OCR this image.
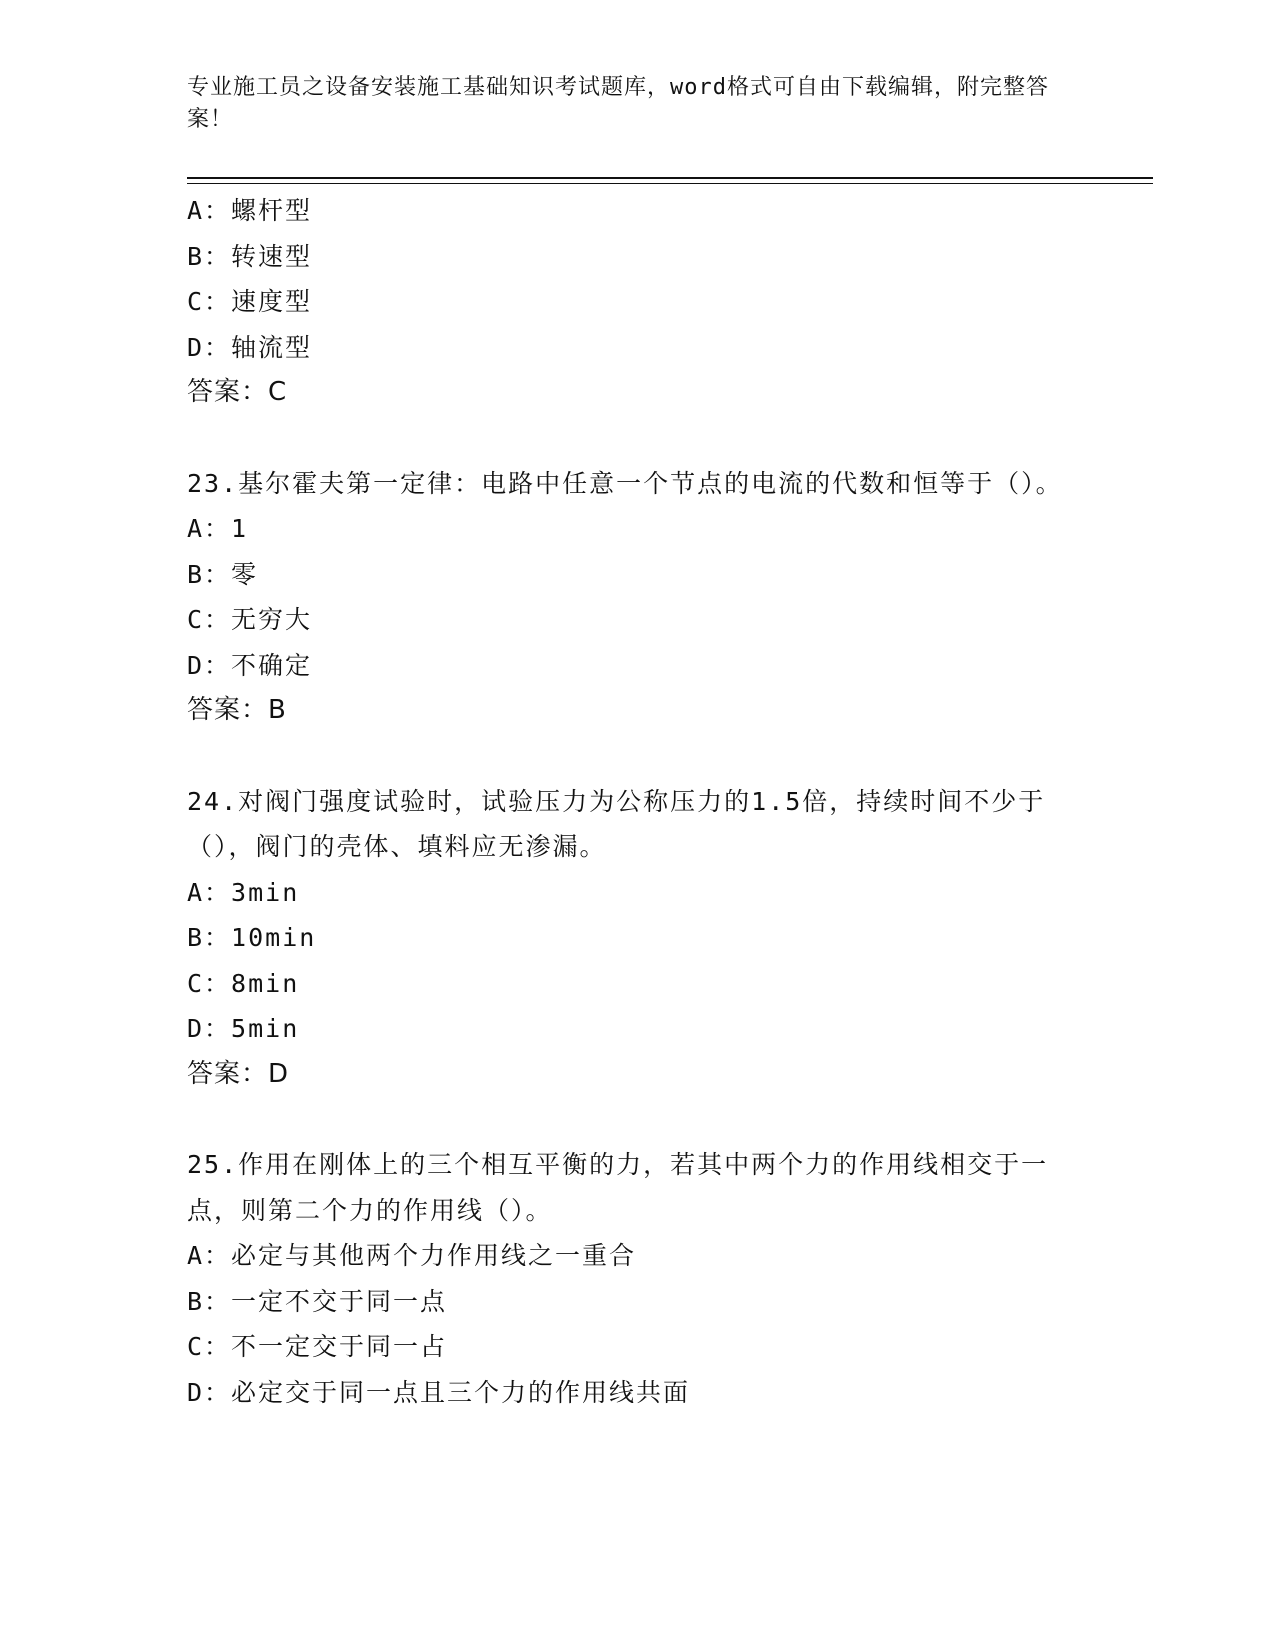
专业施工员之设备安装施工基础知识考试题库，word格式可自由下载编辑，附完整答案！
A：螺杆型
B：转速型
C：速度型
D：轴流型
答案：C
23.基尔霍夫第一定律：电路中任意一个节点的电流的代数和恒等于（）。
A：1
B：零
C：无穷大
D：不确定
答案：B
24.对阀门强度试验时，试验压力为公称压力的1.5倍，持续时间不少于（），阀门的壳体、填料应无渗漏。
A：3min
B：10min
C：8min
D：5min
答案：D
25.作用在刚体上的三个相互平衡的力，若其中两个力的作用线相交于一点，则第二个力的作用线（）。
A：必定与其他两个力作用线之一重合
B：一定不交于同一点
C：不一定交于同一占
D：必定交于同一点且三个力的作用线共面
